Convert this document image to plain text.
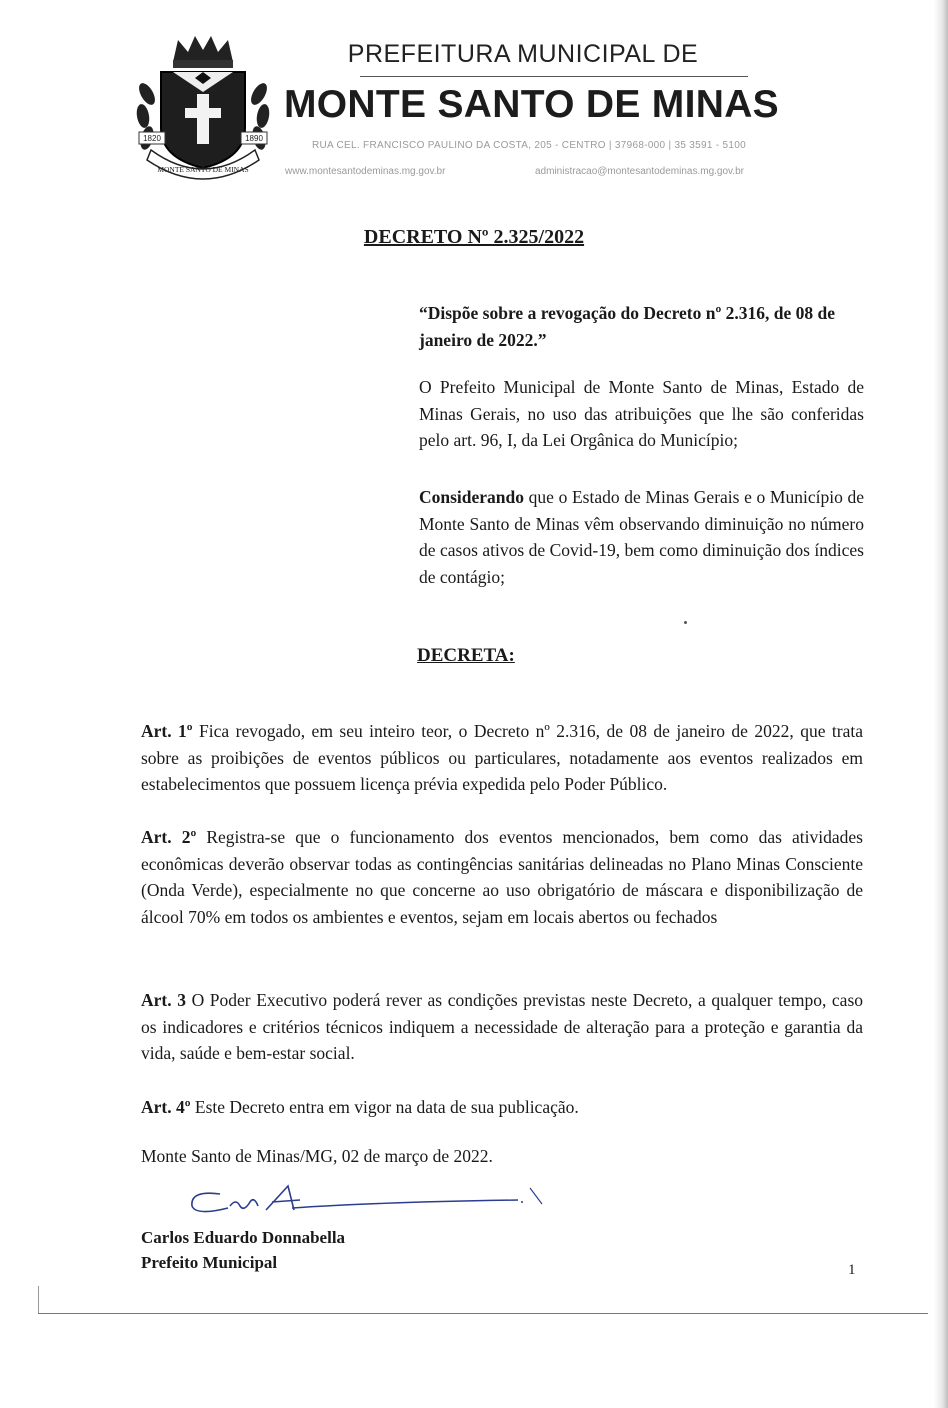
1820	1890
MONTE SANTO DE MINAS
PREFEITURA MUNICIPAL DE
MONTE SANTO DE MINAS
RUA CEL. FRANCISCO PAULINO DA COSTA, 205 - CENTRO | 37968-000 | 35 3591 - 5100
www.montesantodeminas.mg.gov.br	administracao@montesantodeminas.mg.gov.br
DECRETO Nº 2.325/2022
“Dispõe sobre a revogação do Decreto nº 2.316, de 08 de janeiro de 2022.”
O Prefeito Municipal de Monte Santo de Minas, Estado de Minas Gerais, no uso das atribuições que lhe são conferidas pelo art. 96, I, da Lei Orgânica do Município;
Considerando que o Estado de Minas Gerais e o Município de Monte Santo de Minas vêm observando diminuição no número de casos ativos de Covid-19, bem como diminuição dos índices de contágio;
DECRETA:
Art. 1º Fica revogado, em seu inteiro teor, o Decreto nº 2.316, de 08 de janeiro de 2022, que trata sobre as proibições de eventos públicos ou particulares, notadamente aos eventos realizados em estabelecimentos que possuem licença prévia expedida pelo Poder Público.
Art. 2º Registra-se que o funcionamento dos eventos mencionados, bem como das atividades econômicas deverão observar todas as contingências sanitárias delineadas no Plano Minas Consciente (Onda Verde), especialmente no que concerne ao uso obrigatório de máscara e disponibilização de álcool 70% em todos os ambientes e eventos, sejam em locais abertos ou fechados
Art. 3 O Poder Executivo poderá rever as condições previstas neste Decreto, a qualquer tempo, caso os indicadores e critérios técnicos indiquem a necessidade de alteração para a proteção e garantia da vida, saúde e bem-estar social.
Art. 4º Este Decreto entra em vigor na data de sua publicação.
Monte Santo de Minas/MG, 02 de março de 2022.
Carlos Eduardo Donnabella
Prefeito Municipal	1
